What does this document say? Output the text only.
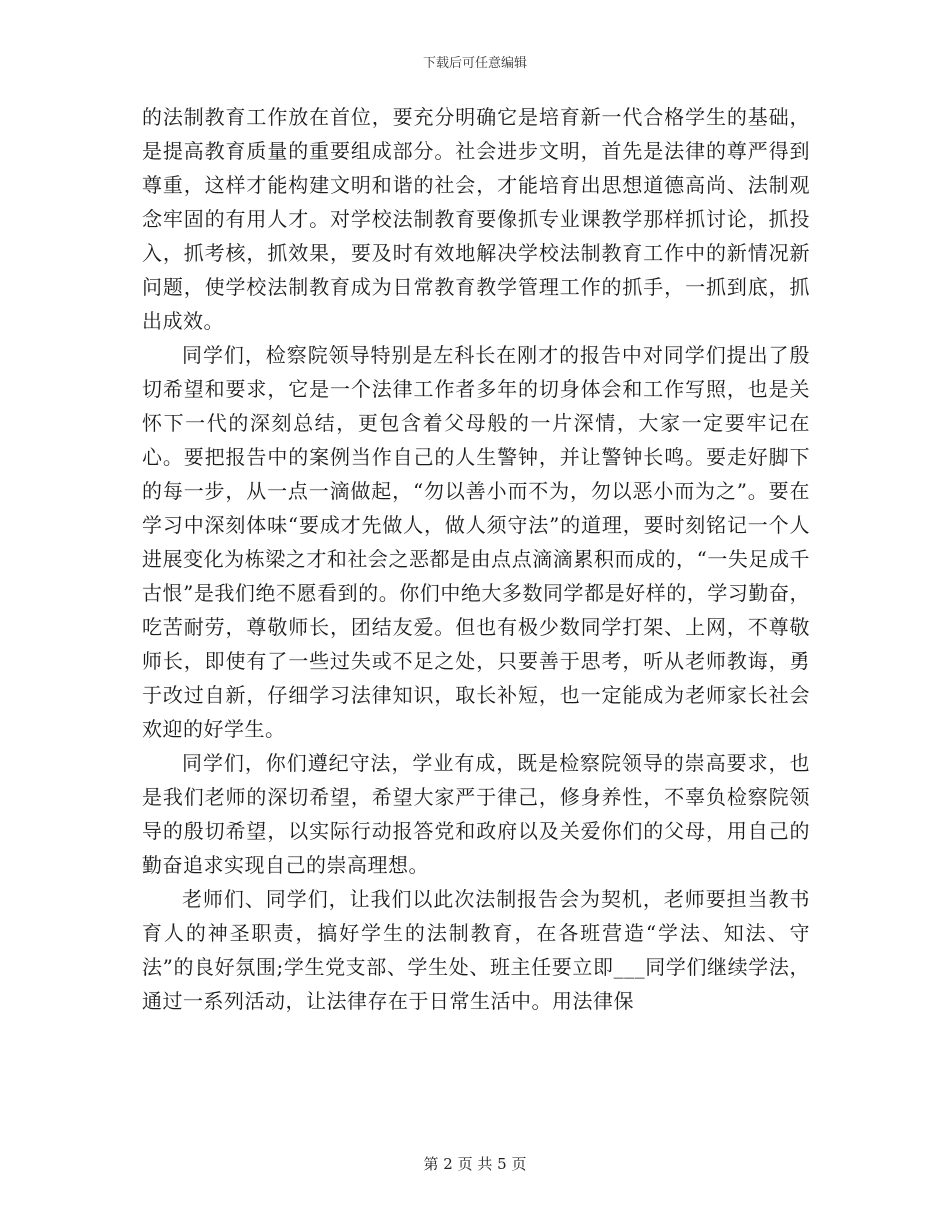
下载后可任意编辑

的法制教育工作放在首位，要充分明确它是培育新一代合格学生的基础，是提高教育质量的重要组成部分。社会进步文明，首先是法律的尊严得到尊重，这样才能构建文明和谐的社会，才能培育出思想道德高尚、法制观念牢固的有用人才。对学校法制教育要像抓专业课教学那样抓讨论，抓投入，抓考核，抓效果，要及时有效地解决学校法制教育工作中的新情况新问题，使学校法制教育成为日常教育教学管理工作的抓手，一抓到底，抓出成效。

同学们，检察院领导特别是左科长在刚才的报告中对同学们提出了殷切希望和要求，它是一个法律工作者多年的切身体会和工作写照，也是关怀下一代的深刻总结，更包含着父母般的一片深情，大家一定要牢记在心。要把报告中的案例当作自己的人生警钟，并让警钟长鸣。要走好脚下的每一步，从一点一滴做起，“勿以善小而不为，勿以恶小而为之”。要在学习中深刻体味“要成才先做人，做人须守法”的道理，要时刻铭记一个人进展变化为栋梁之才和社会之恶都是由点点滴滴累积而成的，“一失足成千古恨”是我们绝不愿看到的。你们中绝大多数同学都是好样的，学习勤奋，吃苦耐劳，尊敬师长，团结友爱。但也有极少数同学打架、上网，不尊敬师长，即使有了一些过失或不足之处，只要善于思考，听从老师教诲，勇于改过自新，仔细学习法律知识，取长补短，也一定能成为老师家长社会欢迎的好学生。

同学们，你们遵纪守法，学业有成，既是检察院领导的崇高要求，也是我们老师的深切希望，希望大家严于律己，修身养性，不辜负检察院领导的殷切希望，以实际行动报答党和政府以及关爱你们的父母，用自己的勤奋追求实现自己的崇高理想。

老师们、同学们，让我们以此次法制报告会为契机，老师要担当教书育人的神圣职责，搞好学生的法制教育，在各班营造“学法、知法、守法”的良好氛围;学生党支部、学生处、班主任要立即___同学们继续学法，通过一系列活动，让法律存在于日常生活中。用法律保

第 2 页 共 5 页
